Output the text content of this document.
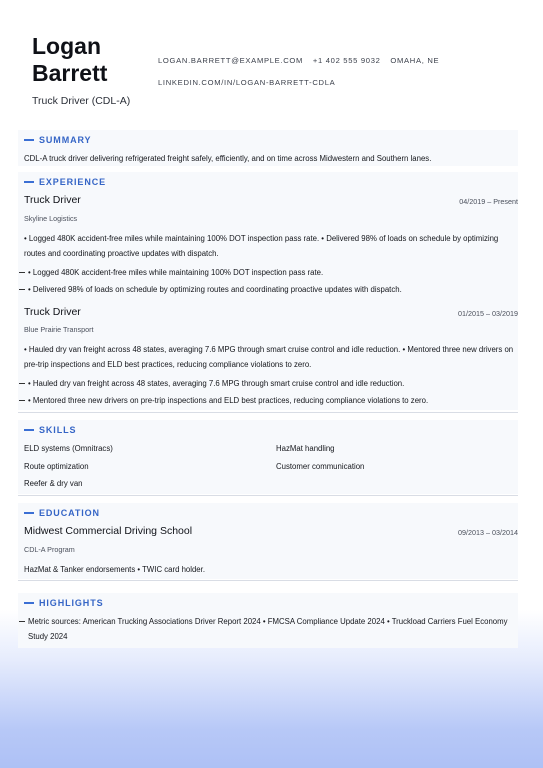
Logan
Barrett
Truck Driver (CDL-A)
LOGAN.BARRETT@EXAMPLE.COM +1 402 555 9032 OMAHA, NE
LINKEDIN.COM/IN/LOGAN-BARRETT-CDLA
SUMMARY
CDL-A truck driver delivering refrigerated freight safely, efficiently, and on time across Midwestern and Southern lanes.
EXPERIENCE
Truck Driver	04/2019 – Present
Skyline Logistics
• Logged 480K accident-free miles while maintaining 100% DOT inspection pass rate. • Delivered 98% of loads on schedule by optimizing routes and coordinating proactive updates with dispatch.
• Logged 480K accident-free miles while maintaining 100% DOT inspection pass rate.
• Delivered 98% of loads on schedule by optimizing routes and coordinating proactive updates with dispatch.
Truck Driver	01/2015 – 03/2019
Blue Prairie Transport
• Hauled dry van freight across 48 states, averaging 7.6 MPG through smart cruise control and idle reduction. • Mentored three new drivers on pre-trip inspections and ELD best practices, reducing compliance violations to zero.
• Hauled dry van freight across 48 states, averaging 7.6 MPG through smart cruise control and idle reduction.
• Mentored three new drivers on pre-trip inspections and ELD best practices, reducing compliance violations to zero.
SKILLS
ELD systems (Omnitracs)	HazMat handling
Route optimization	Customer communication
Reefer & dry van
EDUCATION
Midwest Commercial Driving School	09/2013 – 03/2014
CDL-A Program
HazMat & Tanker endorsements • TWIC card holder.
HIGHLIGHTS
Metric sources: American Trucking Associations Driver Report 2024 • FMCSA Compliance Update 2024 • Truckload Carriers Fuel Economy Study 2024
